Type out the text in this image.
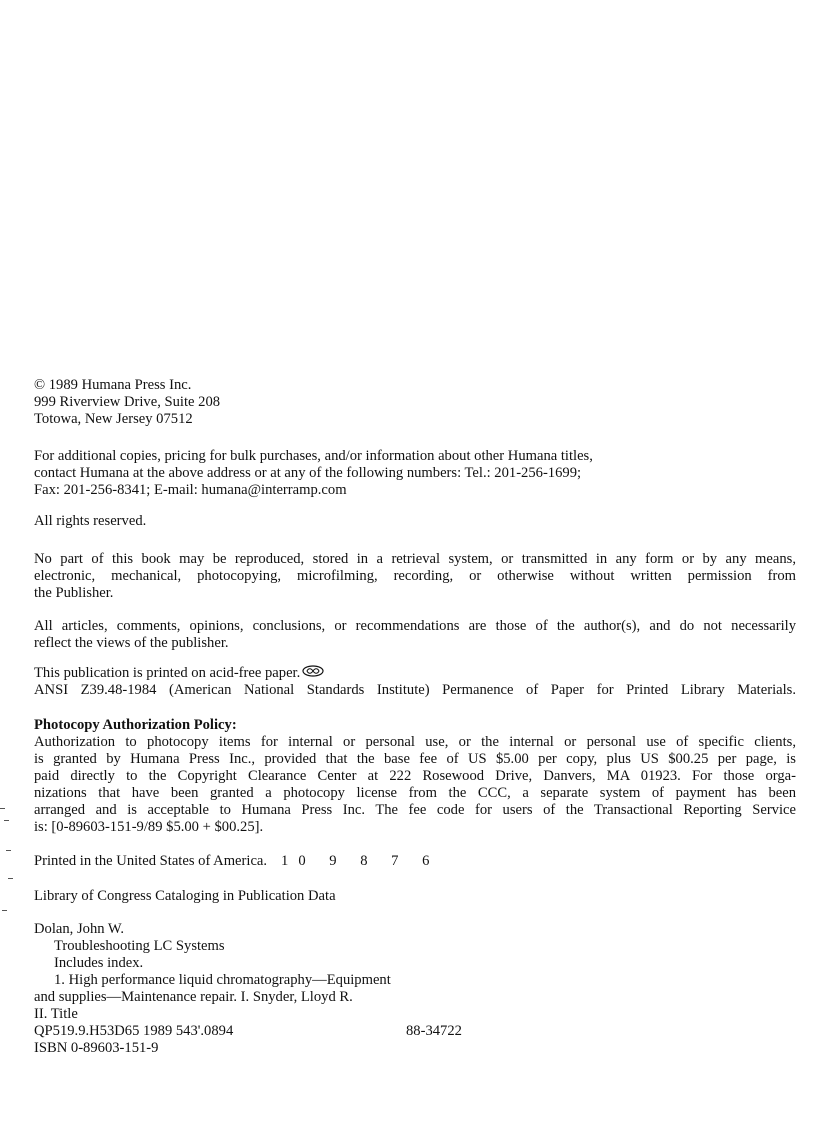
© 1989 Humana Press Inc.
999 Riverview Drive, Suite 208
Totowa, New Jersey 07512
For additional copies, pricing for bulk purchases, and/or information about other Humana titles,
contact Humana at the above address or at any of the following numbers: Tel.: 201-256-1699;
Fax: 201-256-8341; E-mail: humana@interramp.com
All rights reserved.
No part of this book may be reproduced, stored in a retrieval system, or transmitted in any form or by any means,
electronic, mechanical, photocopying, microfilming, recording, or otherwise without written permission from
the Publisher.
All articles, comments, opinions, conclusions, or recommendations are those of the author(s), and do not necessarily
reflect the views of the publisher.
This publication is printed on acid-free paper.
ANSI Z39.48-1984 (American National Standards Institute) Permanence of Paper for Printed Library Materials.
Photocopy Authorization Policy:
Authorization to photocopy items for internal or personal use, or the internal or personal use of specific clients,
is granted by Humana Press Inc., provided that the base fee of US $5.00 per copy, plus US $00.25 per page, is
paid directly to the Copyright Clearance Center at 222 Rosewood Drive, Danvers, MA 01923. For those orga-
nizations that have been granted a photocopy license from the CCC, a separate system of payment has been
arranged and is acceptable to Humana Press Inc. The fee code for users of the Transactional Reporting Service
is: [0-89603-151-9/89 $5.00 + $00.25].
Printed in the United States of America. 10 9 8 7 6
Library of Congress Cataloging in Publication Data
Dolan, John W.
Troubleshooting LC Systems
Includes index.
1. High performance liquid chromatography—Equipment
and supplies—Maintenance repair. I. Snyder, Lloyd R.
II. Title
QP519.9.H53D65 1989 543'.0894	88-34722
ISBN 0-89603-151-9
